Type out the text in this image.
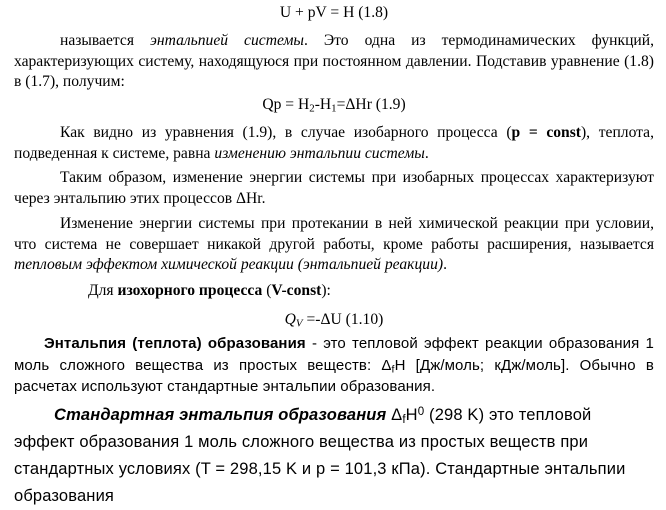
U + pV = H (1.8)

называется энтальпией системы. Это одна из термодинамических функций, характеризующих систему, находящуюся при постоянном давлении. Подставив уравнение (1.8) в (1.7), получим:

$Qp = H_2-H_1=\Delta Hr$ (1.9)

Как видно из уравнения (1.9), в случае изобарного процесса (p = const), теплота, подведенная к системе, равна изменению энтальпии системы.

Таким образом, изменение энергии системы при изобарных процессах характеризуют через энтальпию этих процессов ΔHr.

Изменение энергии системы при протекании в ней химической реакции при условии, что система не совершает никакой другой работы, кроме работы расширения, называется тепловым эффектом химической реакции (энтальпией реакции).

Для изохорного процесса (V-const):

$Q_V =-\Delta U$ (1.10)

Энтальпия (теплота) образования - это тепловой эффект реакции образования 1 моль сложного вещества из простых веществ: $\Delta_fH$ [Дж/моль; кДж/моль]. Обычно в расчетах используют стандартные энтальпии образования.

Стандартная энтальпия образования $\Delta_fH^0$ (298 K) это тепловой эффект образования 1 моль сложного вещества из простых веществ при стандартных условиях (T = 298,15 K и р = 101,3 кПа). Стандартные энтальпии образования
